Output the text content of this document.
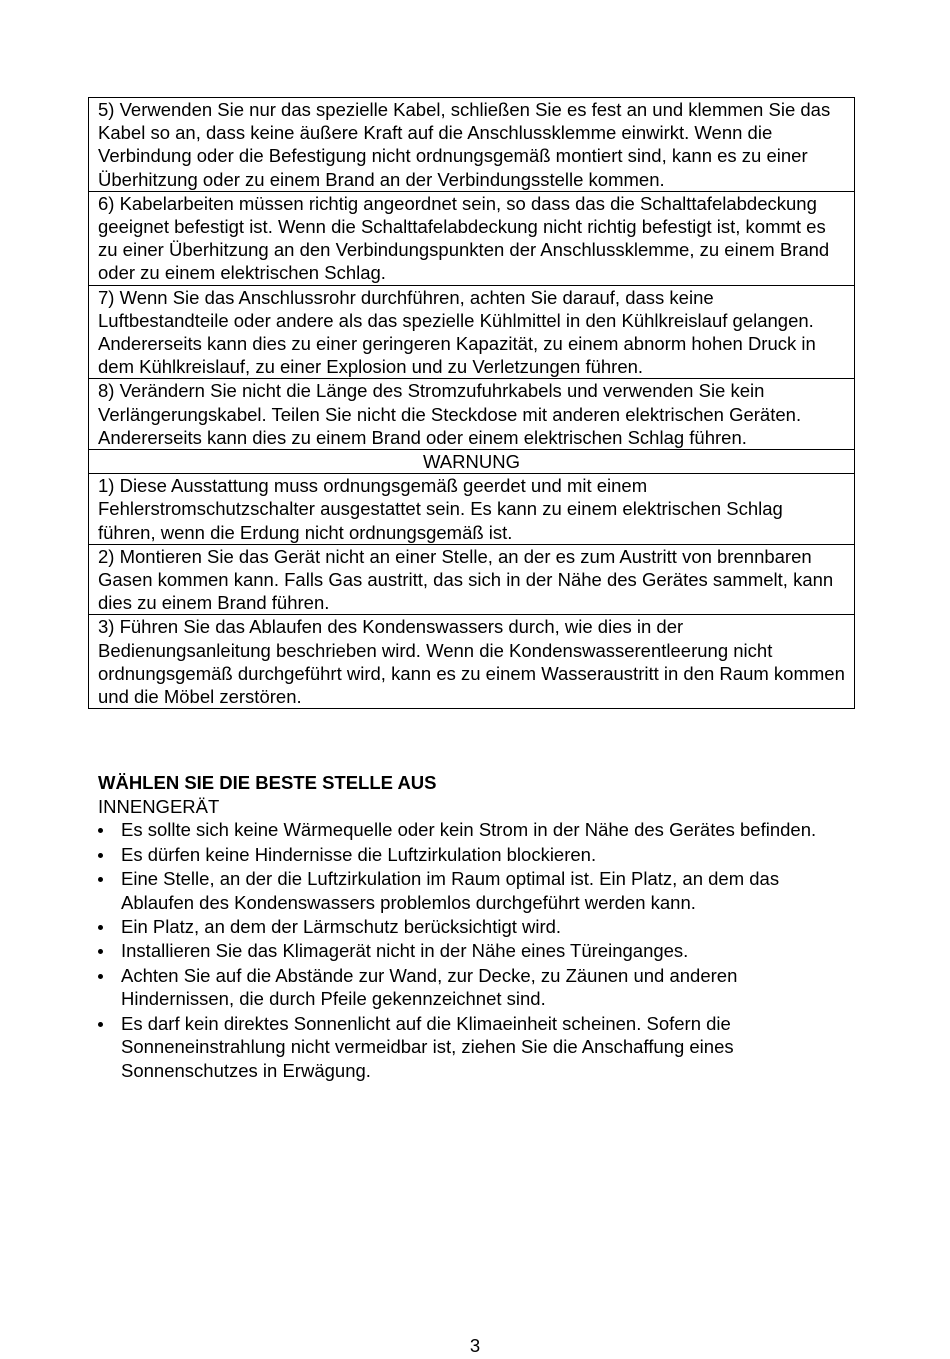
5) Verwenden Sie nur das spezielle Kabel, schließen Sie es fest an und klemmen Sie das Kabel so an, dass keine äußere Kraft auf die Anschlussklemme einwirkt. Wenn die Verbindung oder die Befestigung nicht ordnungsgemäß montiert sind, kann es zu einer Überhitzung oder zu einem Brand an der Verbindungsstelle kommen.
6) Kabelarbeiten müssen richtig angeordnet sein, so dass das die Schalttafelabdeckung geeignet befestigt ist. Wenn die Schalttafelabdeckung nicht richtig befestigt ist, kommt es zu einer Überhitzung an den Verbindungspunkten der Anschlussklemme, zu einem Brand oder zu einem elektrischen Schlag.
7) Wenn Sie das Anschlussrohr durchführen, achten Sie darauf, dass keine Luftbestandteile oder andere als das spezielle Kühlmittel in den Kühlkreislauf gelangen. Andererseits kann dies zu einer geringeren Kapazität, zu einem abnorm hohen Druck in dem Kühlkreislauf, zu einer Explosion und zu Verletzungen führen.
8) Verändern Sie nicht die Länge des Stromzufuhrkabels und verwenden Sie kein Verlängerungskabel. Teilen Sie nicht die Steckdose mit anderen elektrischen Geräten. Andererseits kann dies zu einem Brand oder einem elektrischen Schlag führen.
WARNUNG
1) Diese Ausstattung muss ordnungsgemäß geerdet und mit einem Fehlerstromschutzschalter ausgestattet sein. Es kann zu einem elektrischen Schlag führen, wenn die Erdung nicht ordnungsgemäß ist.
2) Montieren Sie das Gerät nicht an einer Stelle, an der es zum Austritt von brennbaren Gasen kommen kann. Falls Gas austritt, das sich in der Nähe des Gerätes sammelt, kann dies zu einem Brand führen.
3) Führen Sie das Ablaufen des Kondenswassers durch, wie dies in der Bedienungsanleitung beschrieben wird. Wenn die Kondenswasserentleerung nicht ordnungsgemäß durchgeführt wird, kann es zu einem Wasseraustritt in den Raum kommen und die Möbel zerstören.

WÄHLEN SIE DIE BESTE STELLE AUS

INNENGERÄT

Es sollte sich keine Wärmequelle oder kein Strom in der Nähe des Gerätes befinden.
Es dürfen keine Hindernisse die Luftzirkulation blockieren.
Eine Stelle, an der die Luftzirkulation im Raum optimal ist. Ein Platz, an dem das Ablaufen des Kondenswassers problemlos durchgeführt werden kann.
Ein Platz, an dem der Lärmschutz berücksichtigt wird.
Installieren Sie das Klimagerät nicht in der Nähe eines Türeinganges.
Achten Sie auf die Abstände zur Wand, zur Decke, zu Zäunen und anderen Hindernissen, die durch Pfeile gekennzeichnet sind.
Es darf kein direktes Sonnenlicht auf die Klimaeinheit scheinen. Sofern die Sonneneinstrahlung nicht vermeidbar ist, ziehen Sie die Anschaffung eines Sonnenschutzes in Erwägung.
3
